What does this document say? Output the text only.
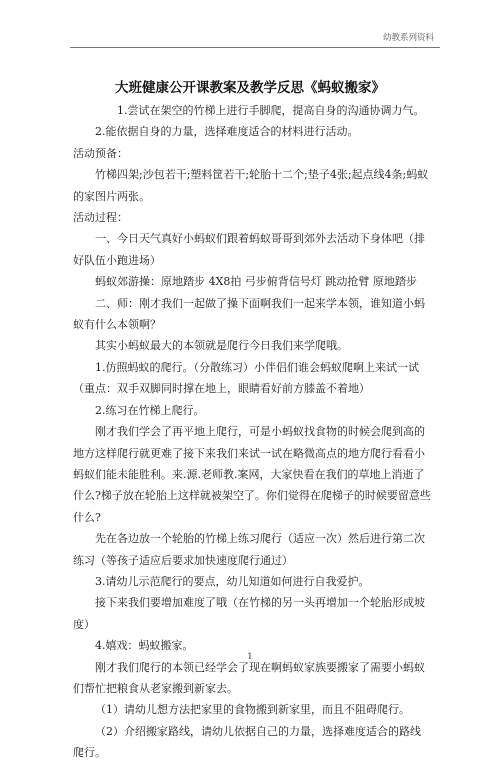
幼教系列资料
大班健康公开课教案及教学反思《蚂蚁搬家》

1.尝试在架空的竹梯上进行手脚爬，提高自身的沟通协调力气。

2.能依据自身的力量，选择难度适合的材料进行活动。

活动预备：

竹梯四架;沙包若干;塑料筐若干;轮胎十二个;垫子4张;起点线4条;蚂蚁的家图片两张。

活动过程：

一、今日天气真好小蚂蚁们跟着蚂蚁哥哥到郊外去活动下身体吧（排好队伍小跑进场）

蚂蚁郊游操：原地踏步 4X8拍 弓步俯背信号灯 跳动抢臂 原地踏步

二、师：刚才我们一起做了操下面啊我们一起来学本领，谁知道小蚂蚁有什么本领啊？

其实小蚂蚁最大的本领就是爬行今日我们来学爬哦。

1.仿照蚂蚁的爬行。（分散练习）小伴侣们谁会蚂蚁爬啊上来试一试（重点：双手双脚同时撑在地上，眼睛看好前方膝盖不着地）

2.练习在竹梯上爬行。

刚才我们学会了再平地上爬行，可是小蚂蚁找食物的时候会爬到高的地方这样爬行就更难了接下来我们来试一试在略微高点的地方爬行看看小蚂蚁们能未能胜利。来.源.老师教.案网，大家快看在我们的草地上消逝了什么?梯子放在轮胎上这样就被架空了。你们觉得在爬梯子的时候要留意些什么?

先在各边放一个轮胎的竹梯上练习爬行（适应一次）然后进行第二次练习（等孩子适应后要求加快速度爬行通过）

3.请幼儿示范爬行的要点，幼儿知道如何进行自我爱护。

接下来我们要增加难度了哦（在竹梯的另一头再增加一个轮胎形成坡度）

4.嬉戏：蚂蚁搬家。

刚才我们爬行的本领已经学会了现在啊蚂蚁家族要搬家了需要小蚂蚁们帮忙把粮食从老家搬到新家去。

（1）请幼儿想方法把家里的食物搬到新家里，而且不阻碍爬行。

（2）介绍搬家路线，请幼儿依据自己的力量，选择难度适合的路线爬行。

1
